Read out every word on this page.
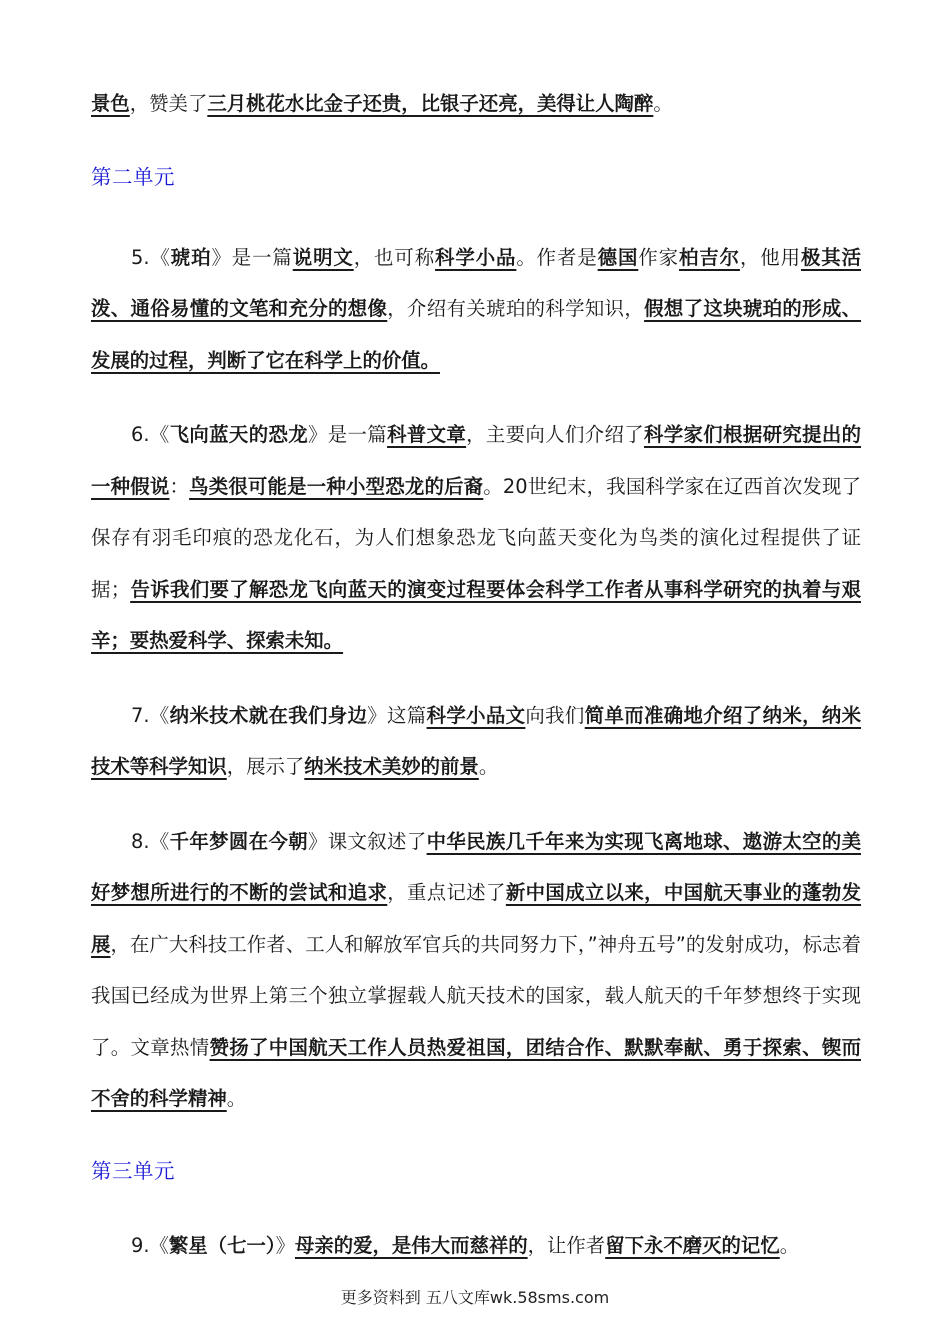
景色，赞美了三月桃花水比金子还贵，比银子还亮，美得让人陶醉。

第二单元

5.《琥珀》是一篇说明文，也可称科学小品。作者是德国作家柏吉尔，他用极其活泼、通俗易懂的文笔和充分的想像，介绍有关琥珀的科学知识，假想了这块琥珀的形成、发展的过程，判断了它在科学上的价值。

6.《飞向蓝天的恐龙》是一篇科普文章，主要向人们介绍了科学家们根据研究提出的一种假说：鸟类很可能是一种小型恐龙的后裔。20世纪末，我国科学家在辽西首次发现了保存有羽毛印痕的恐龙化石，为人们想象恐龙飞向蓝天变化为鸟类的演化过程提供了证据；告诉我们要了解恐龙飞向蓝天的演变过程要体会科学工作者从事科学研究的执着与艰辛；要热爱科学、探索未知。

7.《纳米技术就在我们身边》这篇科学小品文向我们简单而准确地介绍了纳米，纳米技术等科学知识，展示了纳米技术美妙的前景。

8.《千年梦圆在今朝》课文叙述了中华民族几千年来为实现飞离地球、遨游太空的美好梦想所进行的不断的尝试和追求，重点记述了新中国成立以来，中国航天事业的蓬勃发展，在广大科技工作者、工人和解放军官兵的共同努力下，”神舟五号”的发射成功，标志着我国已经成为世界上第三个独立掌握载人航天技术的国家，载人航天的千年梦想终于实现了。文章热情赞扬了中国航天工作人员热爱祖国，团结合作、默默奉献、勇于探索、锲而不舍的科学精神。

第三单元

9.《繁星（七一）》母亲的爱，是伟大而慈祥的，让作者留下永不磨灭的记忆。

更多资料到 五八文库wk.58sms.com
